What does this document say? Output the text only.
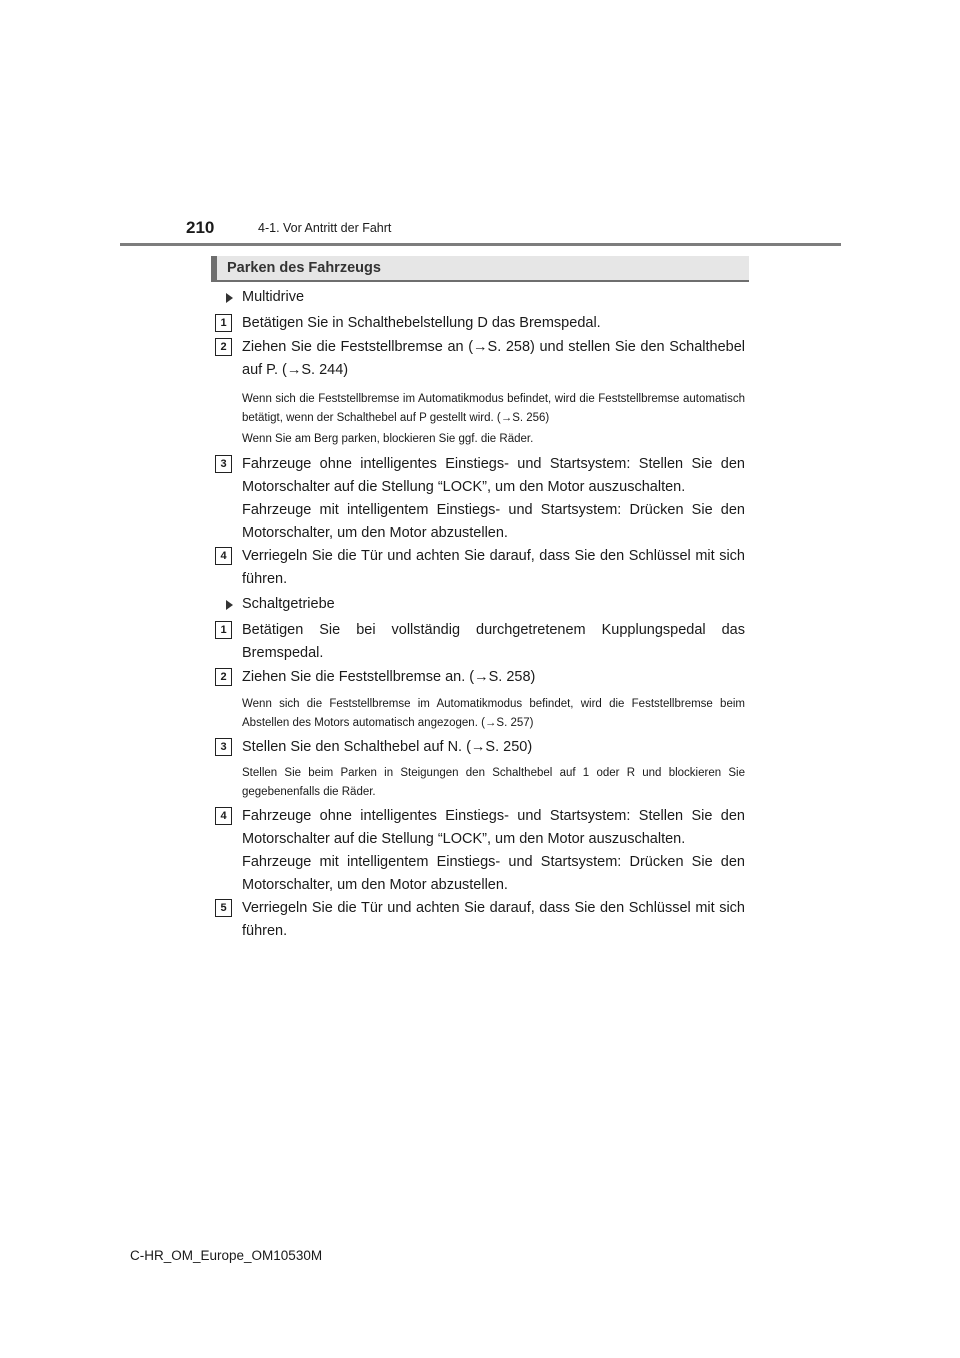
210	4-1. Vor Antritt der Fahrt
Parken des Fahrzeugs
Multidrive
1	Betätigen Sie in Schalthebelstellung D das Bremspedal.
2	Ziehen Sie die Feststellbremse an (→S. 258) und stellen Sie den Schalthebel auf P. (→S. 244)
Wenn sich die Feststellbremse im Automatikmodus befindet, wird die Feststellbremse automatisch betätigt, wenn der Schalthebel auf P gestellt wird. (→S. 256)
Wenn Sie am Berg parken, blockieren Sie ggf. die Räder.
3	Fahrzeuge ohne intelligentes Einstiegs- und Startsystem: Stellen Sie den Motorschalter auf die Stellung “LOCK”, um den Motor auszuschalten.
Fahrzeuge mit intelligentem Einstiegs- und Startsystem: Drücken Sie den Motorschalter, um den Motor abzustellen.
4	Verriegeln Sie die Tür und achten Sie darauf, dass Sie den Schlüssel mit sich führen.
Schaltgetriebe
1	Betätigen Sie bei vollständig durchgetretenem Kupplungspedal das Bremspedal.
2	Ziehen Sie die Feststellbremse an. (→S. 258)
Wenn sich die Feststellbremse im Automatikmodus befindet, wird die Feststellbremse beim Abstellen des Motors automatisch angezogen. (→S. 257)
3	Stellen Sie den Schalthebel auf N. (→S. 250)
Stellen Sie beim Parken in Steigungen den Schalthebel auf 1 oder R und blockieren Sie gegebenenfalls die Räder.
4	Fahrzeuge ohne intelligentes Einstiegs- und Startsystem: Stellen Sie den Motorschalter auf die Stellung “LOCK”, um den Motor auszuschalten.
Fahrzeuge mit intelligentem Einstiegs- und Startsystem: Drücken Sie den Motorschalter, um den Motor abzustellen.
5	Verriegeln Sie die Tür und achten Sie darauf, dass Sie den Schlüssel mit sich führen.
C-HR_OM_Europe_OM10530M
